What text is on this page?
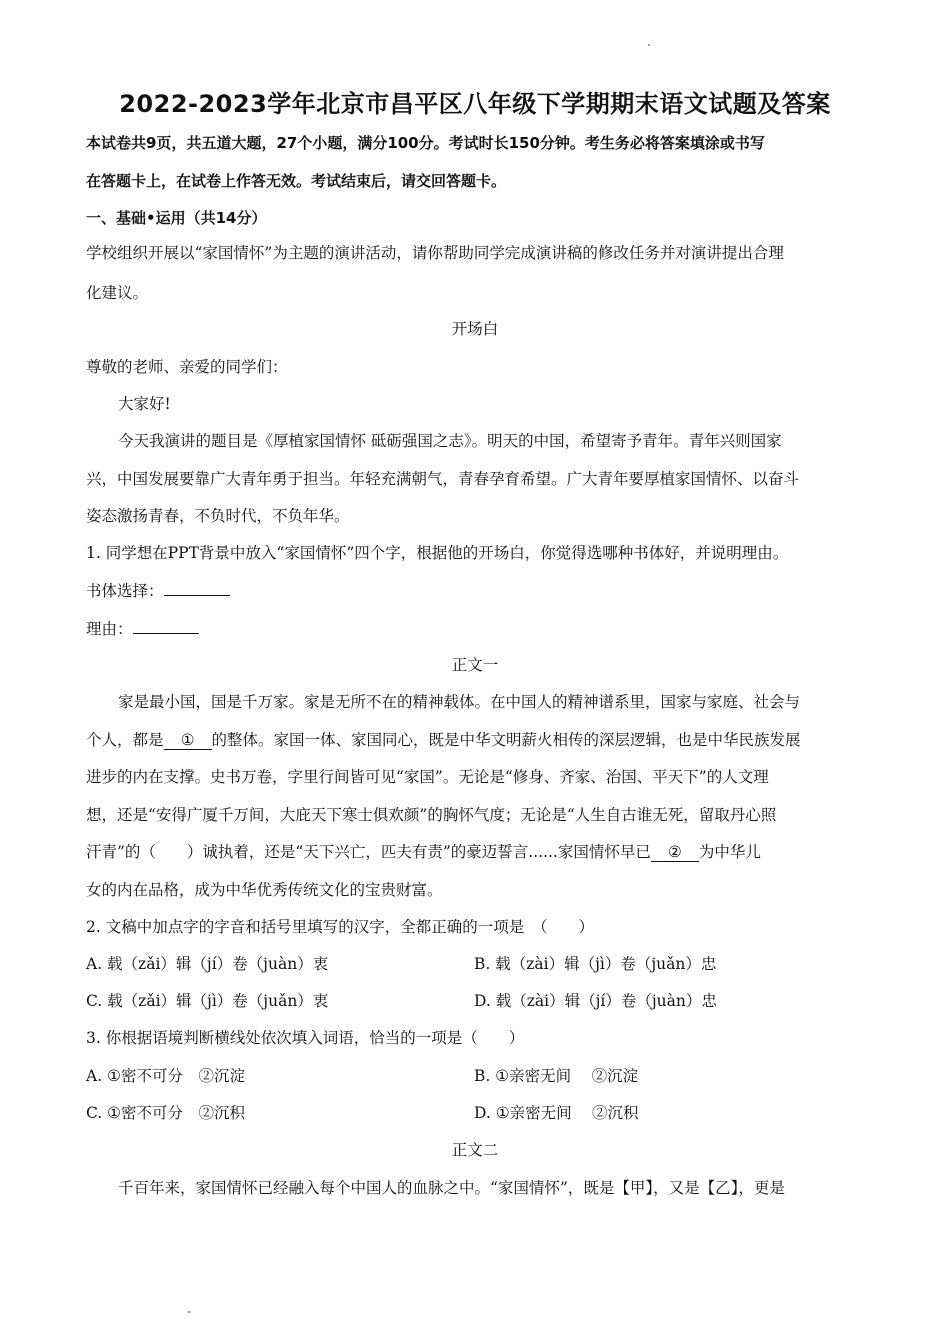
2022-2023学年北京市昌平区八年级下学期期末语文试题及答案
本试卷共9页，共五道大题，27个小题，满分100分。考试时长150分钟。考生务必将答案填涂或书写
在答题卡上，在试卷上作答无效。考试结束后，请交回答题卡。
一、基础•运用（共14分）
学校组织开展以“家国情怀”为主题的演讲活动，请你帮助同学完成演讲稿的修改任务并对演讲提出合理
化建议。
开场白
尊敬的老师、亲爱的同学们：
大家好!
今天我演讲的题目是《厚植家国情怀 砥砺强国之志》。明天的中国，希望寄予青年。青年兴则国家
兴，中国发展要靠广大青年勇于担当。年轻充满朝气，青春孕育希望。广大青年要厚植家国情怀、以奋斗
姿态激扬青春，不负时代，不负年华。
1. 同学想在PPT背景中放入“家国情怀”四个字，根据他的开场白，你觉得选哪种书体好，并说明理由。
书体选择：
理由：
正文一
家是最小国，国是千万家。家是无所不在的精神载体。在中国人的精神谱系里，国家与家庭、社会与
个人，都是 ① 的整体。家国一体、家国同心，既是中华文明薪火相传的深层逻辑，也是中华民族发展
进步的内在支撑。史书万卷，字里行间皆可见“家国”。无论是“修身、齐家、治国、平天下”的人文理
想，还是“安得广厦千万间，大庇天下寒士俱欢颜”的胸怀气度；无论是“人生自古谁无死，留取丹心照
汗青”的（　　）诚执着，还是“天下兴亡，匹夫有责”的豪迈誓言......家国情怀早已 ② 为中华儿
女的内在品格，成为中华优秀传统文化的宝贵财富。
2. 文稿中加点字的字音和括号里填写的汉字，全都正确的一项是　（　　）
A. 载（zǎi）辑（jí）卷（juàn）衷	B. 载（zài）辑（jì）卷（juǎn）忠
C. 载（zǎi）辑（jì）卷（juǎn）衷	D. 载（zài）辑（jí）卷（juàn）忠
3. 你根据语境判断横线处依次填入词语，恰当的一项是（　　）
A. ①密不可分　②沉淀	B. ①亲密无间　 ②沉淀
C. ①密不可分　②沉积	D. ①亲密无间　 ②沉积
正文二
千百年来，家国情怀已经融入每个中国人的血脉之中。“家国情怀”，既是【甲】，又是【乙】，更是
